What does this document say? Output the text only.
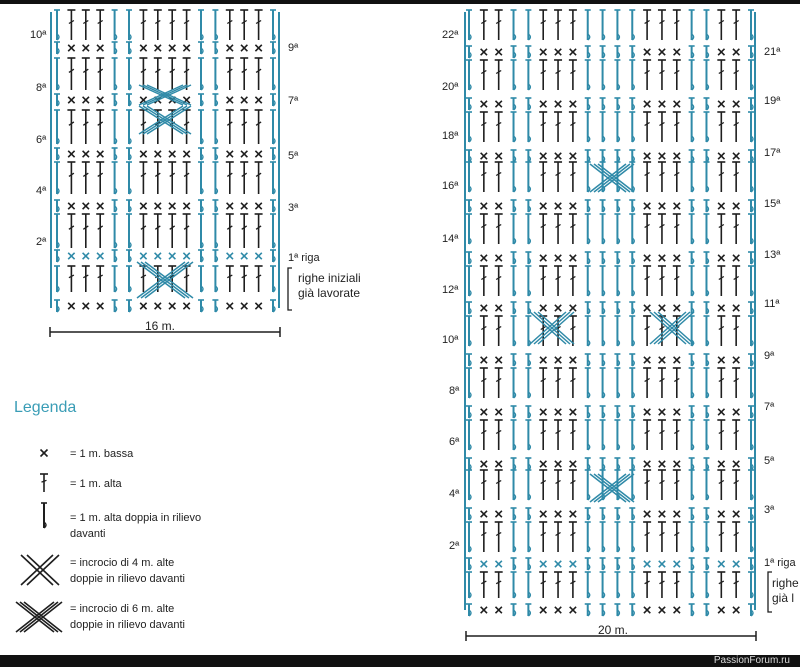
10ª
8ª
6ª
4ª
2ª
9ª
7ª
5ª
3ª
1ª riga
righe iniziali
già lavorate
16 m.
22ª
20ª
18ª
16ª
14ª
12ª
10ª
8ª
6ª
4ª
2ª
21ª
19ª
17ª
15ª
13ª
11ª
9ª
7ª
5ª
3ª
1ª riga
righe
già l
20 m.
Legenda
= 1 m. bassa
= 1 m. alta
= 1 m. alta doppia in rilievo
davanti
= incrocio di 4 m. alte
doppie in rilievo davanti
= incrocio di 6 m. alte
doppie in rilievo davanti
PassionForum.ru
